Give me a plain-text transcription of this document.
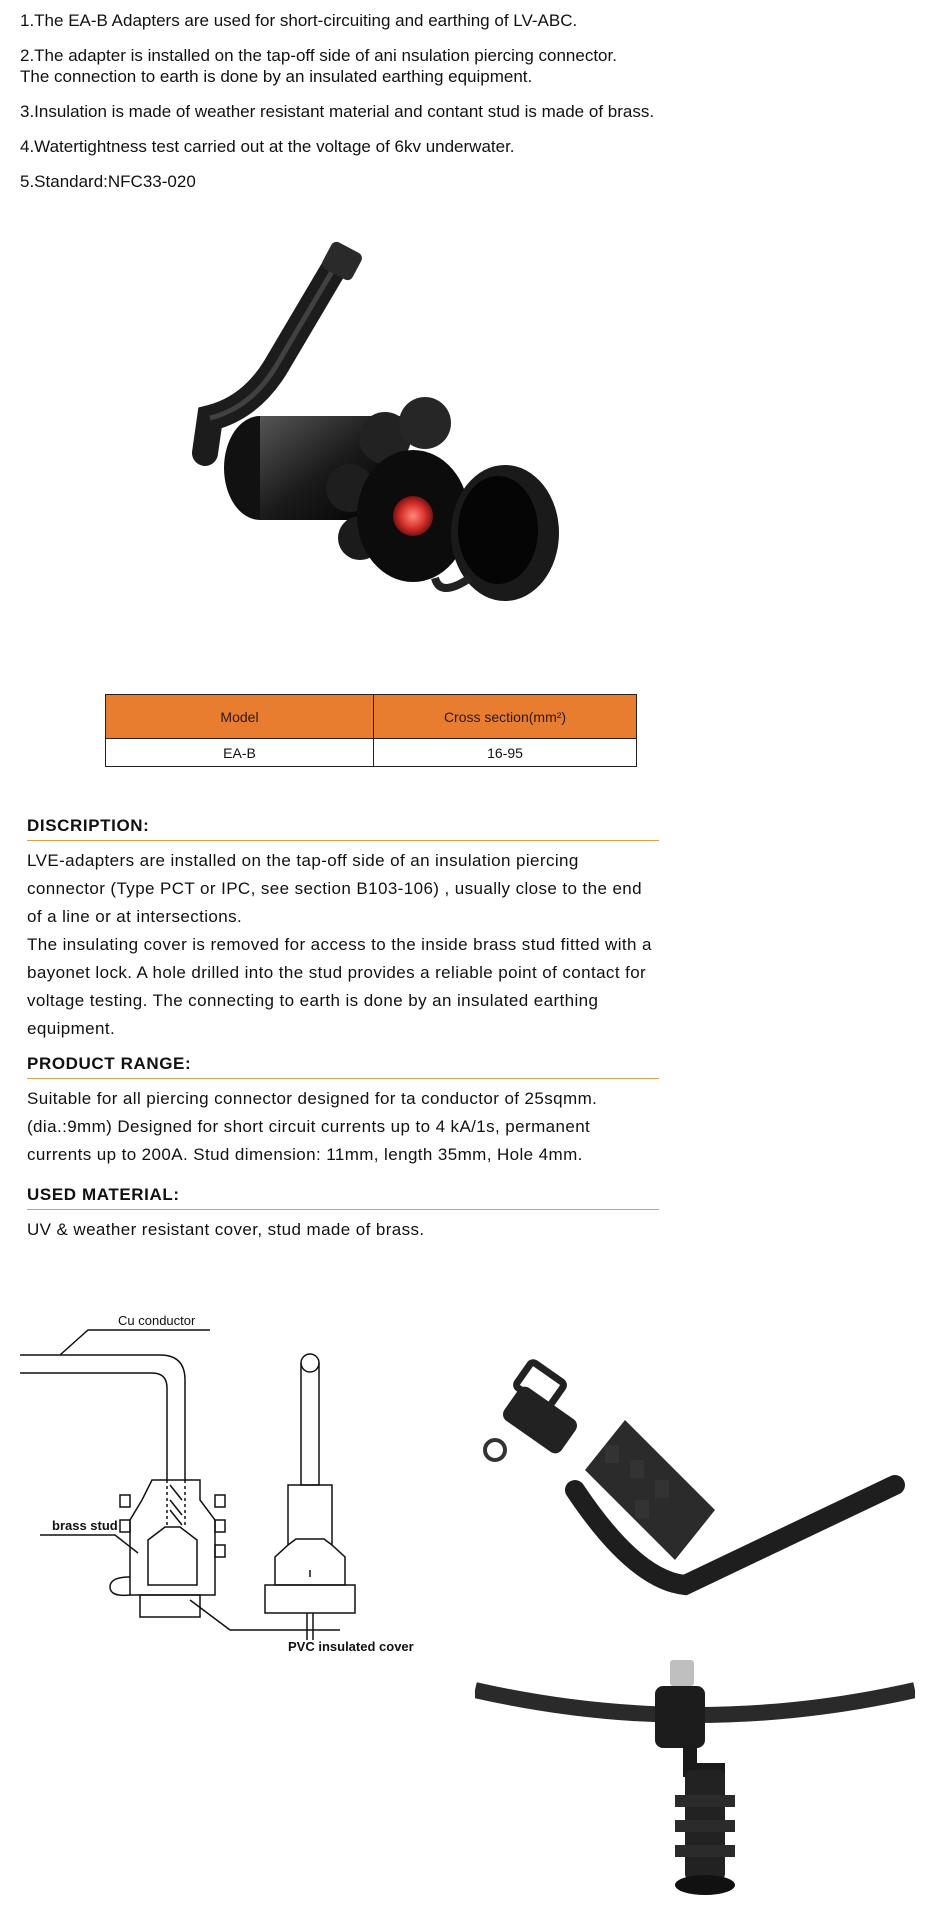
1.The EA-B Adapters are used for short-circuiting and earthing of LV-ABC.
2.The adapter is installed on the tap-off side of ani nsulation piercing connector.
The connection to earth is done by an insulated earthing equipment.
3.Insulation is made of weather resistant material and contant stud is made of brass.
4.Watertightness test carried out at the voltage of 6kv underwater.
5.Standard:NFC33-020
Model	Cross section(mm²)
EA-B	16-95
DISCRIPTION:

LVE-adapters are installed on the tap-off side of an insulation piercing connector (Type PCT or IPC, see section B103-106) , usually close to the end of a line or at intersections.

The insulating cover is removed for access to the inside brass stud fitted with a bayonet lock. A hole drilled into the stud provides a reliable point of contact for voltage testing. The connecting to earth is done by an insulated earthing equipment.

PRODUCT RANGE:

Suitable for all piercing connector designed for ta conductor of 25sqmm. (dia.:9mm) Designed for short circuit currents up to 4 kA/1s, permanent currents up to 200A. Stud dimension: 11mm, length 35mm, Hole 4mm.

USED MATERIAL:

UV & weather resistant cover, stud made of brass.

Cu conductor
brass stud
PVC insulated cover
